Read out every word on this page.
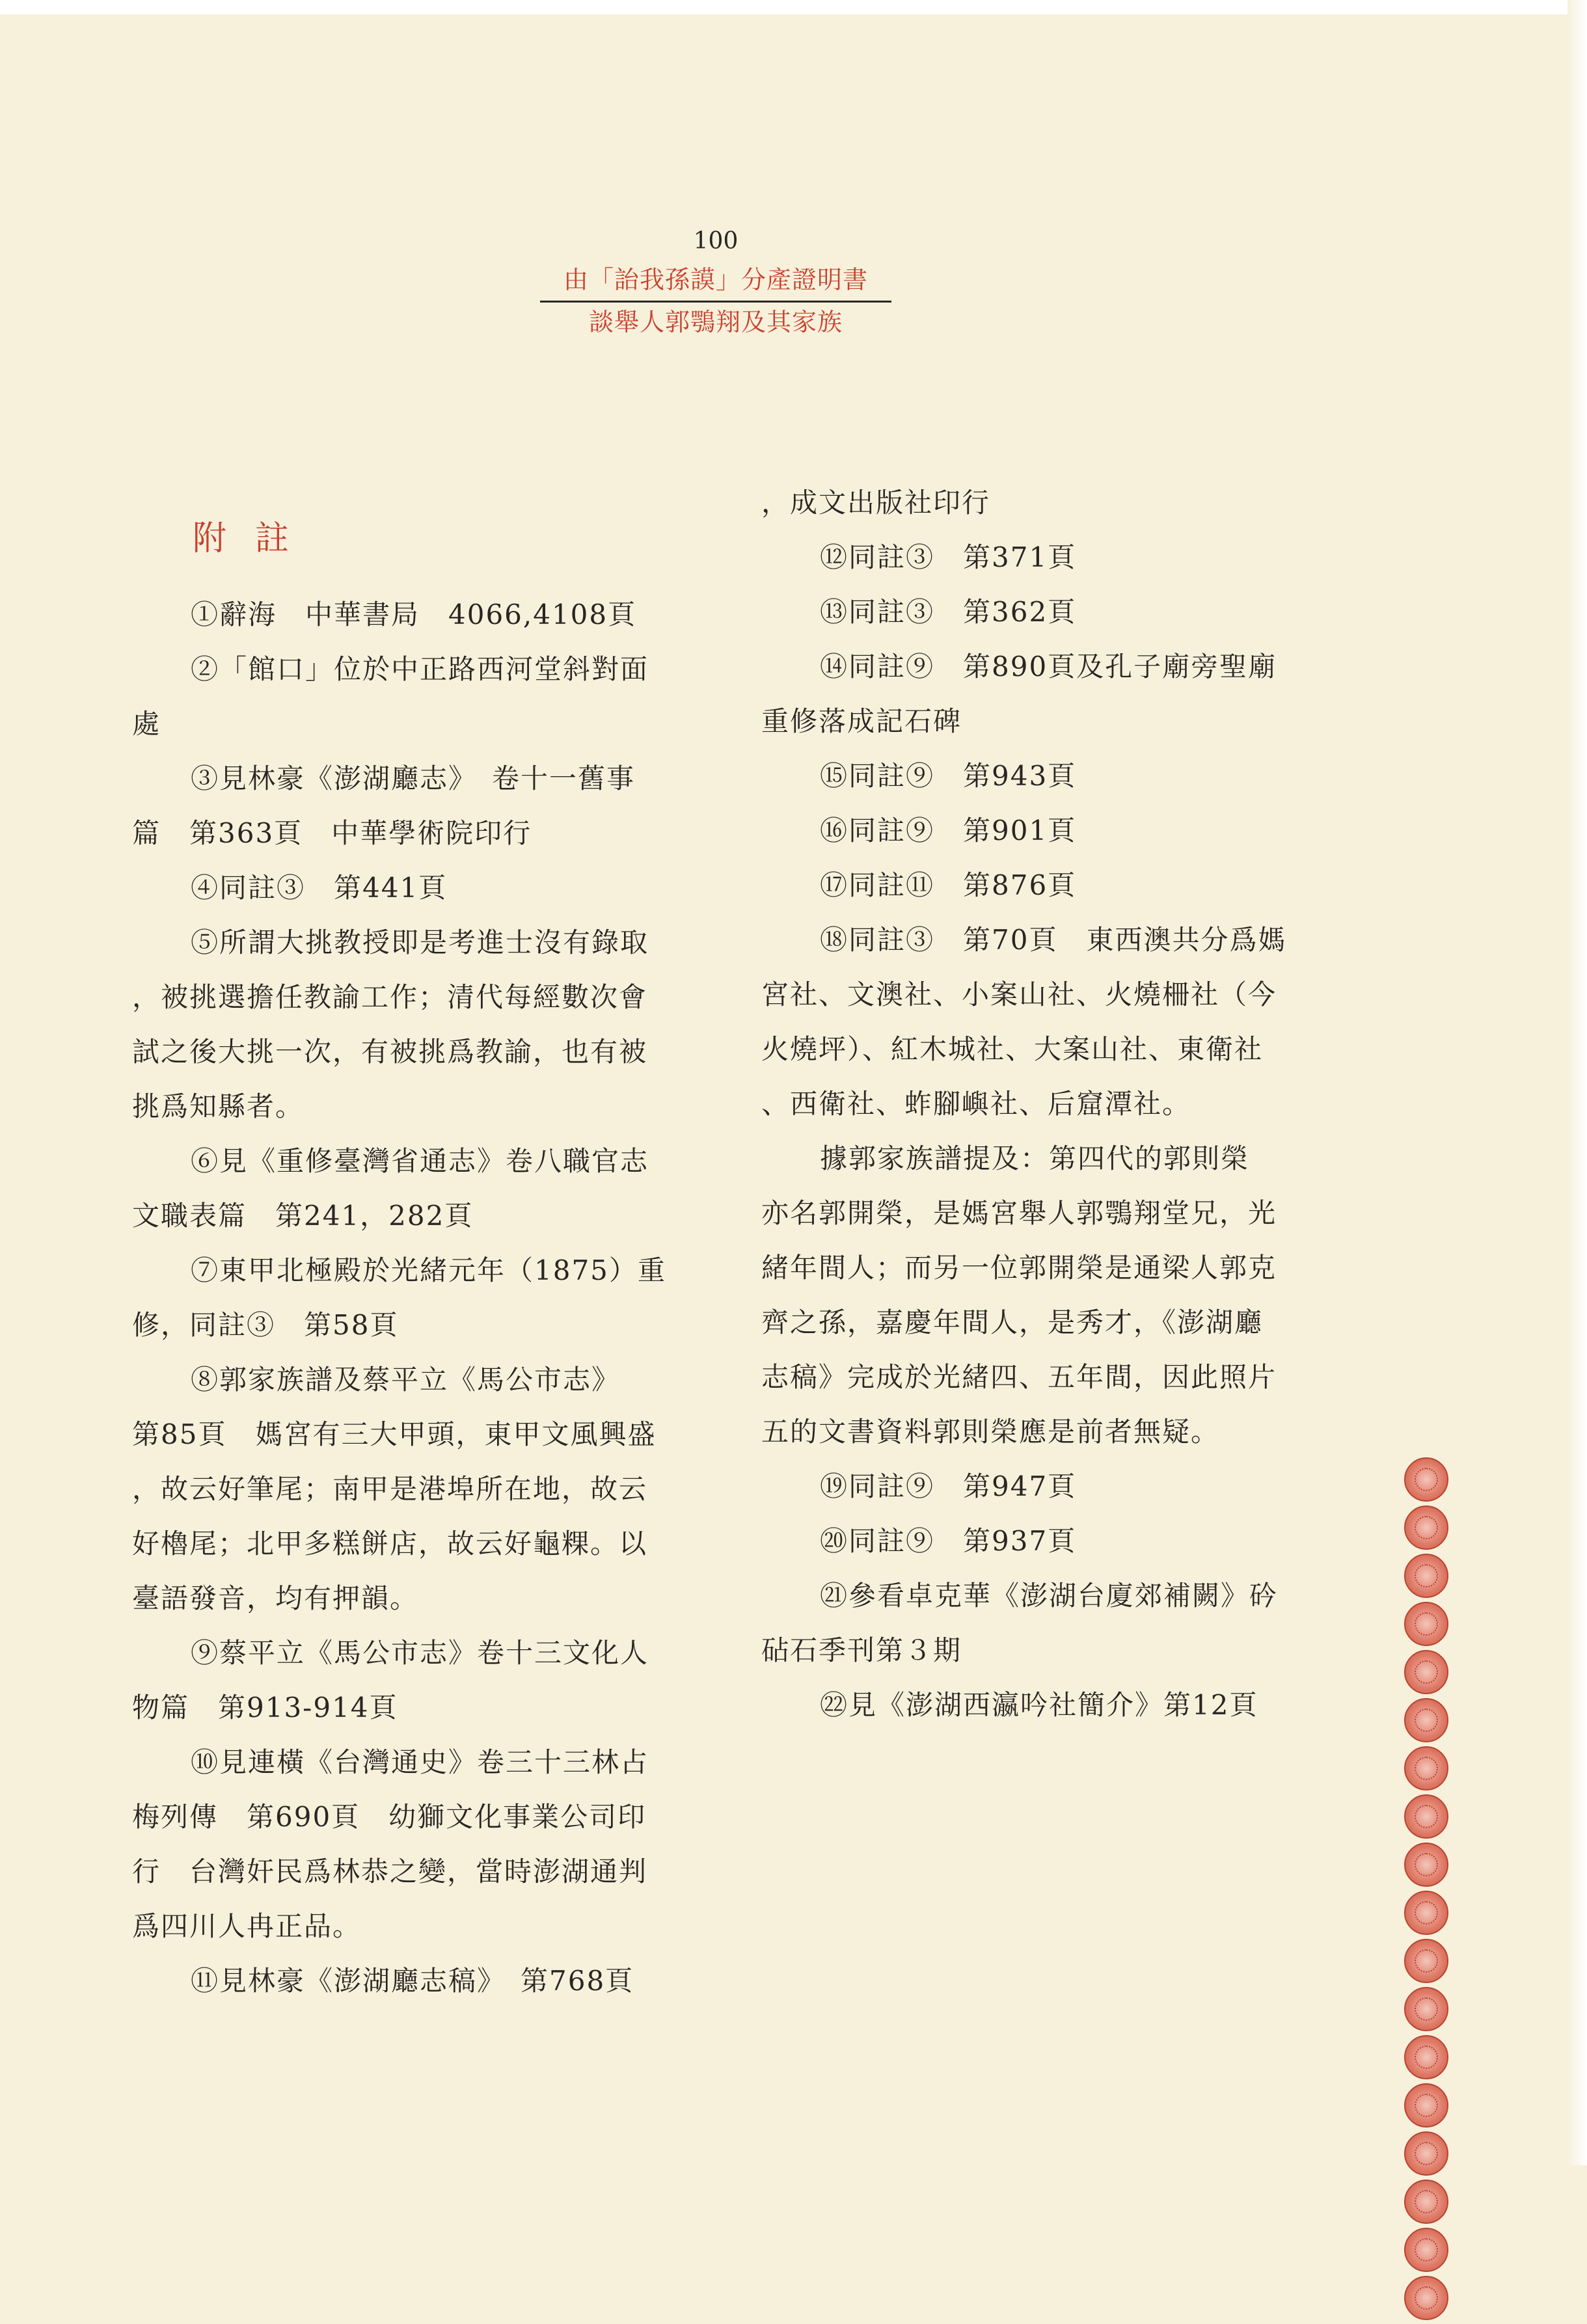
100
由「詒我孫謨」分產證明書
談舉人郭鶚翔及其家族
附註
①辭海　中華書局　4066,4108頁
②「館口」位於中正路西河堂斜對面
處
③見林豪《澎湖廳志》　卷十一舊事
篇　第363頁　中華學術院印行
④同註③　第441頁
⑤所謂大挑教授即是考進士沒有錄取
，被挑選擔任教諭工作；清代每經數次會
試之後大挑一次，有被挑爲教諭，也有被
挑爲知縣者。
⑥見《重修臺灣省通志》卷八職官志
文職表篇　第241，282頁
⑦東甲北極殿於光緒元年（1875）重
修，同註③　第58頁
⑧郭家族譜及蔡平立《馬公市志》
第85頁　媽宮有三大甲頭，東甲文風興盛
，故云好筆尾；南甲是港埠所在地，故云
好櫓尾；北甲多糕餅店，故云好龜粿。以
臺語發音，均有押韻。
⑨蔡平立《馬公市志》卷十三文化人
物篇　第913-914頁
⑩見連橫《台灣通史》卷三十三林占
梅列傳　第690頁　幼獅文化事業公司印
行　台灣奸民爲林恭之變，當時澎湖通判
爲四川人冉正品。
⑪見林豪《澎湖廳志稿》　第768頁
，成文出版社印行
⑫同註③　第371頁
⑬同註③　第362頁
⑭同註⑨　第890頁及孔子廟旁聖廟
重修落成記石碑
⑮同註⑨　第943頁
⑯同註⑨　第901頁
⑰同註⑪　第876頁
⑱同註③　第70頁　東西澳共分爲媽
宮社、文澳社、小案山社、火燒柵社（今
火燒坪）、紅木城社、大案山社、東衛社
、西衛社、蚱腳嶼社、后窟潭社。
據郭家族譜提及：第四代的郭則榮
亦名郭開榮，是媽宮舉人郭鶚翔堂兄，光
緒年間人；而另一位郭開榮是通梁人郭克
齊之孫，嘉慶年間人，是秀才，《澎湖廳
志稿》完成於光緒四、五年間，因此照片
五的文書資料郭則榮應是前者無疑。
⑲同註⑨　第947頁
⑳同註⑨　第937頁
㉑參看卓克華《澎湖台廈郊補闕》砛
砧石季刊第３期
㉒見《澎湖西瀛吟社簡介》第12頁
